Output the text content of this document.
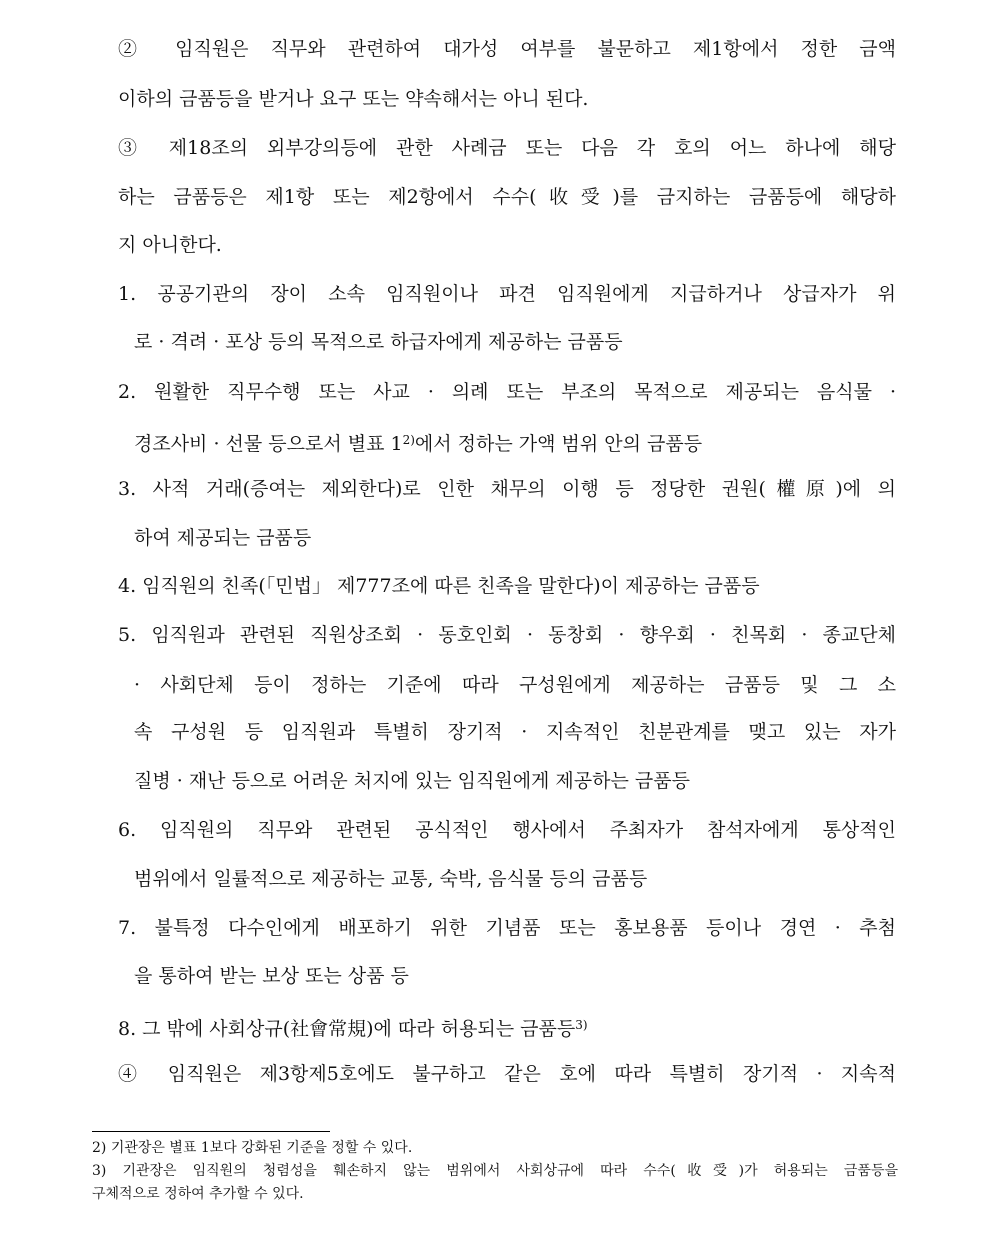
② 임직원은 직무와 관련하여 대가성 여부를 불문하고 제1항에서 정한 금액
이하의 금품등을 받거나 요구 또는 약속해서는 아니 된다.
③ 제18조의 외부강의등에 관한 사례금 또는 다음 각 호의 어느 하나에 해당
하는 금품등은 제1항 또는 제2항에서 수수(收受)를 금지하는 금품등에 해당하
지 아니한다.
1. 공공기관의 장이 소속 임직원이나 파견 임직원에게 지급하거나 상급자가 위
로 · 격려 · 포상 등의 목적으로 하급자에게 제공하는 금품등
2. 원활한 직무수행 또는 사교 · 의례 또는 부조의 목적으로 제공되는 음식물 ·
경조사비 · 선물 등으로서 별표 1$^{2)}$에서 정하는 가액 범위 안의 금품등
3. 사적 거래(증여는 제외한다)로 인한 채무의 이행 등 정당한 권원(權原)에 의
하여 제공되는 금품등
4. 임직원의 친족(「민법」 제777조에 따른 친족을 말한다)이 제공하는 금품등
5. 임직원과 관련된 직원상조회 · 동호인회 · 동창회 · 향우회 · 친목회 · 종교단체
· 사회단체 등이 정하는 기준에 따라 구성원에게 제공하는 금품등 및 그 소
속 구성원 등 임직원과 특별히 장기적 · 지속적인 친분관계를 맺고 있는 자가
질병 · 재난 등으로 어려운 처지에 있는 임직원에게 제공하는 금품등
6. 임직원의 직무와 관련된 공식적인 행사에서 주최자가 참석자에게 통상적인
범위에서 일률적으로 제공하는 교통, 숙박, 음식물 등의 금품등
7. 불특정 다수인에게 배포하기 위한 기념품 또는 홍보용품 등이나 경연 · 추첨
을 통하여 받는 보상 또는 상품 등
8. 그 밖에 사회상규(社會常規)에 따라 허용되는 금품등$^{3)}$
④ 임직원은 제3항제5호에도 불구하고 같은 호에 따라 특별히 장기적 · 지속적
2) 기관장은 별표 1보다 강화된 기준을 정할 수 있다.
3) 기관장은 임직원의 청렴성을 훼손하지 않는 범위에서 사회상규에 따라 수수(收受)가 허용되는 금품등을
구체적으로 정하여 추가할 수 있다.
